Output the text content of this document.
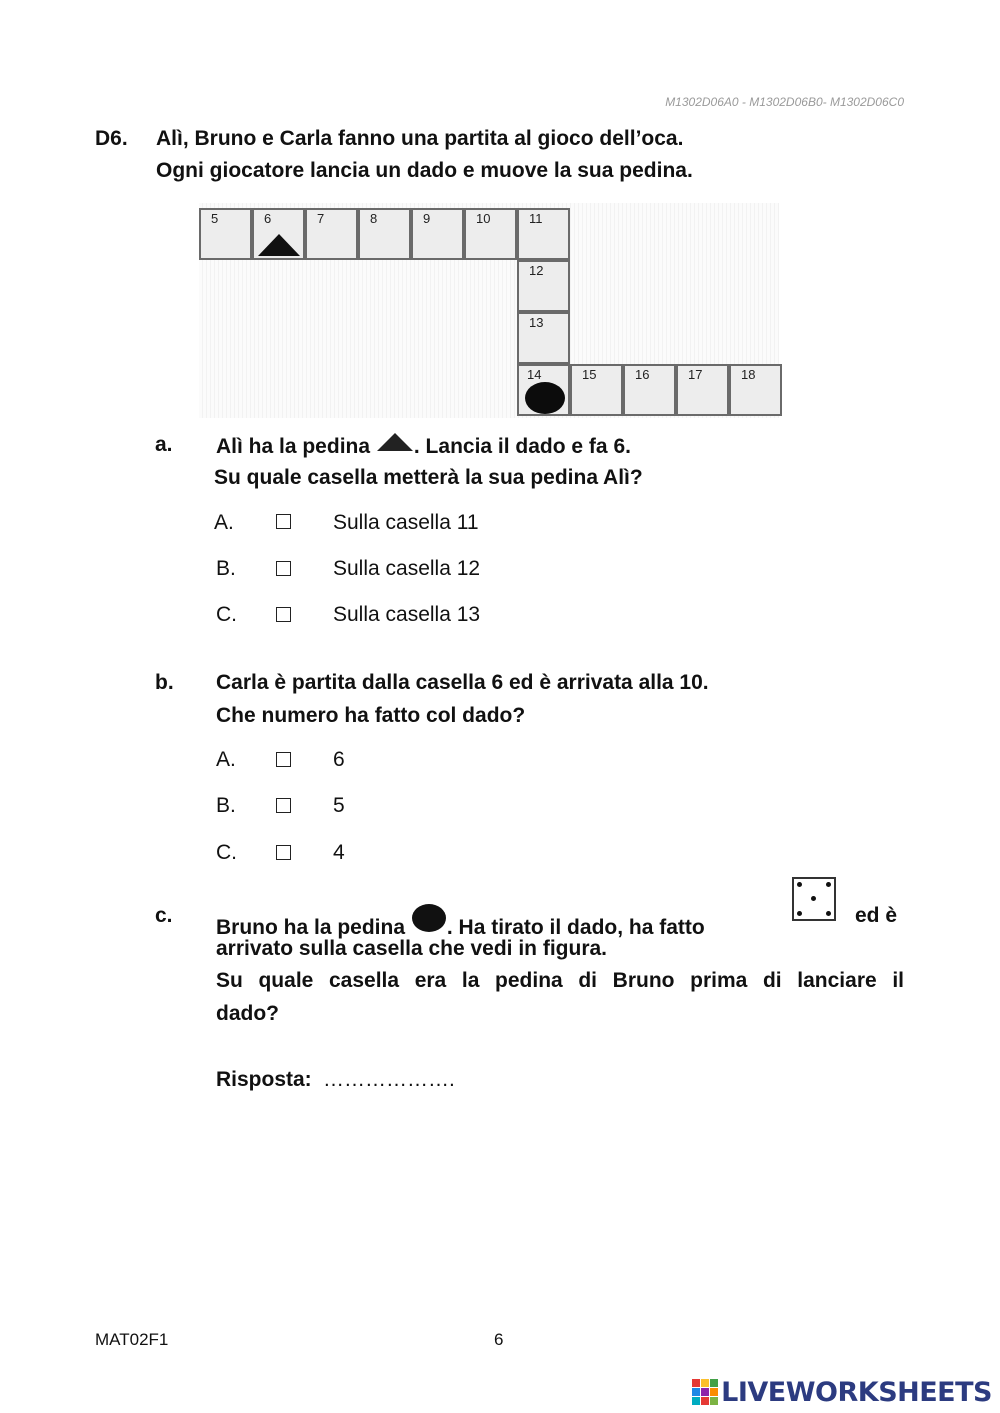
M1302D06A0 - M1302D06B0- M1302D06C0
D6. Alì, Bruno e Carla fanno una partita al gioco dell’oca.
Ogni giocatore lancia un dado e muove la sua pedina.
5	6	7	8	9	10	11
12
13
14	15	16	17	18
a. Alì ha la pedina . Lancia il dado e fa 6.
Su quale casella metterà la sua pedina Alì?
A.	Sulla casella 11
B.	Sulla casella 12
C.	Sulla casella 13
b. Carla è partita dalla casella 6 ed è arrivata alla 10.
Che numero ha fatto col dado?
A.	6
B.	5
C.	4
c.
Bruno ha la pedina . Ha tirato il dado, ha fatto
ed è
arrivato sulla casella che vedi in figura.
Su quale casella era la pedina di Bruno prima di lanciare il
dado?
Risposta: ……………….
MAT02F1	6
LIVEWORKSHEETS
